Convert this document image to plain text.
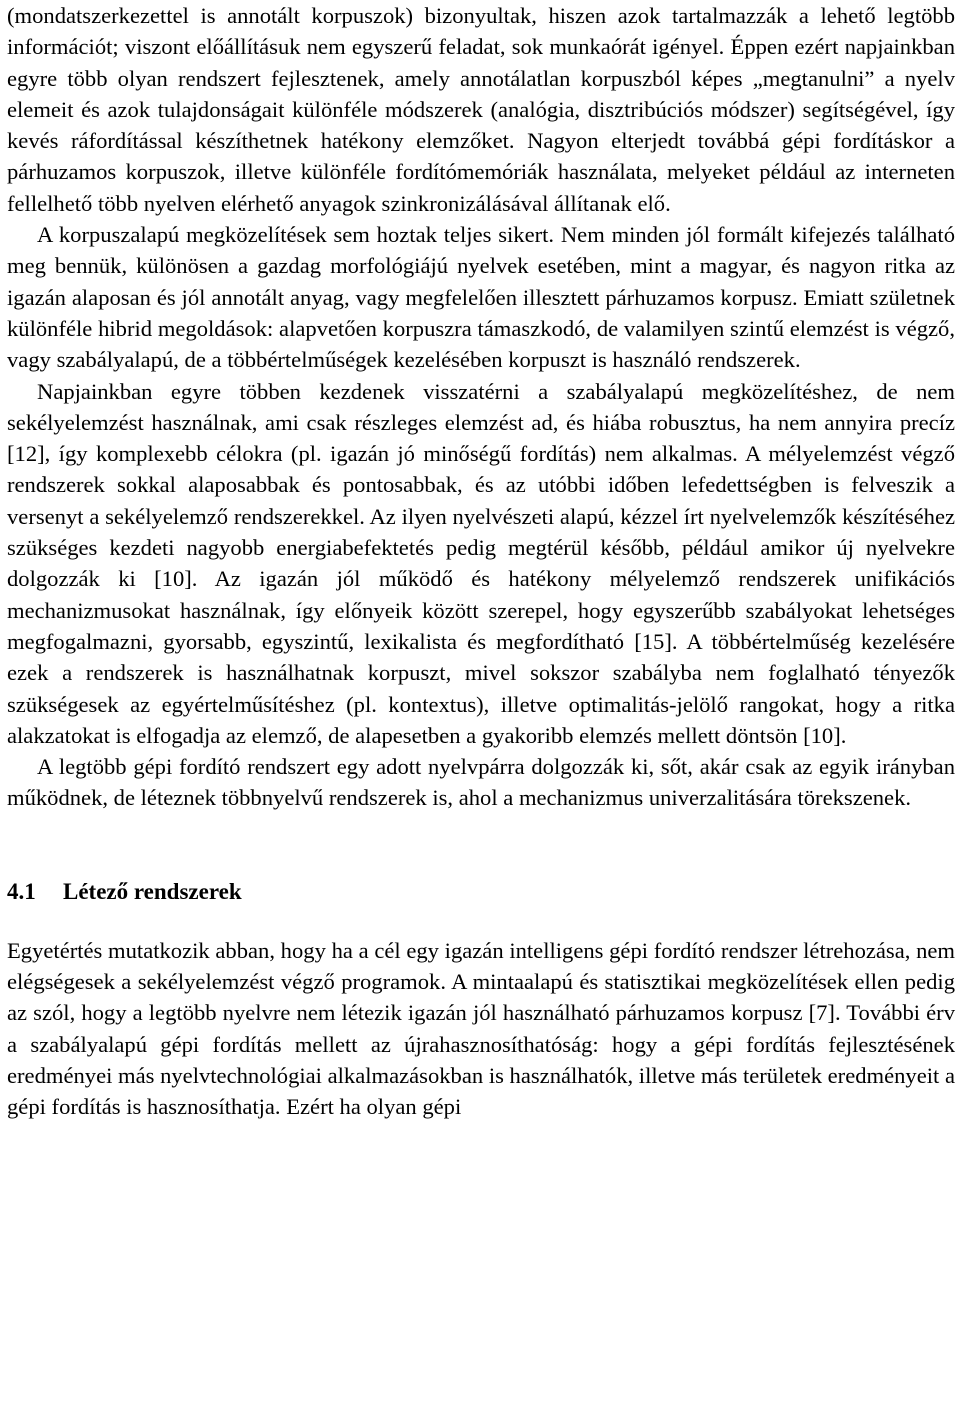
(mondatszerkezettel is annotált korpuszok) bizonyultak, hiszen azok tartalmazzák a lehető legtöbb információt; viszont előállításuk nem egyszerű feladat, sok munkaórát igényel. Éppen ezért napjainkban egyre több olyan rendszert fejlesztenek, amely annotálatlan korpuszból képes „megtanulni” a nyelv elemeit és azok tulajdonságait különféle módszerek (analógia, disztribúciós módszer) segítségével, így kevés ráfordítással készíthetnek hatékony elemzőket. Nagyon elterjedt továbbá gépi fordításkor a párhuzamos korpuszok, illetve különféle fordítómemóriák használata, melyeket például az interneten fellelhető több nyelven elérhető anyagok szinkronizálásával állítanak elő.

A korpuszalapú megközelítések sem hoztak teljes sikert. Nem minden jól formált kifejezés található meg bennük, különösen a gazdag morfológiájú nyelvek esetében, mint a magyar, és nagyon ritka az igazán alaposan és jól annotált anyag, vagy megfelelően illesztett párhuzamos korpusz. Emiatt születnek különféle hibrid megoldások: alapvetően korpuszra támaszkodó, de valamilyen szintű elemzést is végző, vagy szabályalapú, de a többértelműségek kezelésében korpuszt is használó rendszerek.

Napjainkban egyre többen kezdenek visszatérni a szabályalapú megközelítéshez, de nem sekélyelemzést használnak, ami csak részleges elemzést ad, és hiába robusztus, ha nem annyira precíz [12], így komplexebb célokra (pl. igazán jó minőségű fordítás) nem alkalmas. A mélyelemzést végző rendszerek sokkal alaposabbak és pontosabbak, és az utóbbi időben lefedettségben is felveszik a versenyt a sekélyelemző rendszerekkel. Az ilyen nyelvészeti alapú, kézzel írt nyelvelemzők készítéséhez szükséges kezdeti nagyobb energiabefektetés pedig megtérül később, például amikor új nyelvekre dolgozzák ki [10]. Az igazán jól működő és hatékony mélyelemző rendszerek unifikációs mechanizmusokat használnak, így előnyeik között szerepel, hogy egyszerűbb szabályokat lehetséges megfogalmazni, gyorsabb, egyszintű, lexikalista és megfordítható [15]. A többértelműség kezelésére ezek a rendszerek is használhatnak korpuszt, mivel sokszor szabályba nem foglalható tényezők szükségesek az egyértelműsítéshez (pl. kontextus), illetve optimalitás-jelölő rangokat, hogy a ritka alakzatokat is elfogadja az elemző, de alapesetben a gyakoribb elemzés mellett döntsön [10].

A legtöbb gépi fordító rendszert egy adott nyelvpárra dolgozzák ki, sőt, akár csak az egyik irányban működnek, de léteznek többnyelvű rendszerek is, ahol a mechanizmus univerzalitására törekszenek.

4.1 Létező rendszerek

Egyetértés mutatkozik abban, hogy ha a cél egy igazán intelligens gépi fordító rendszer létrehozása, nem elégségesek a sekélyelemzést végző programok. A mintaalapú és statisztikai megközelítések ellen pedig az szól, hogy a legtöbb nyelvre nem létezik igazán jól használható párhuzamos korpusz [7]. További érv a szabályalapú gépi fordítás mellett az újrahasznosíthatóság: hogy a gépi fordítás fejlesztésének eredményei más nyelvtechnológiai alkalmazásokban is használhatók, illetve más területek eredményeit a gépi fordítás is hasznosíthatja. Ezért ha olyan gépi
